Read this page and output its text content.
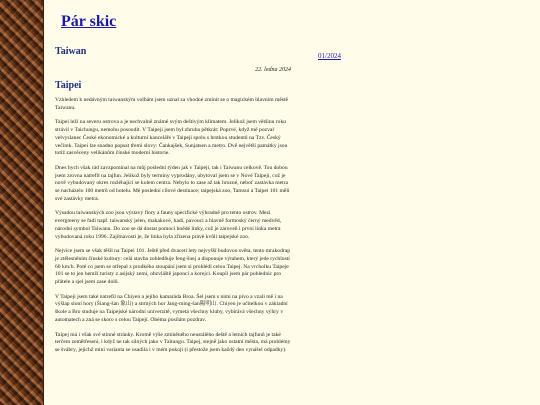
Pár skic
Taiwan	01/2024
22. ledna 2024
Taipei

Vzhledem k nedávným taiwanským volbám jsem uznal za vhodné zmínit se o magickém hlavním městě Taiwanu.

Taipei leží na severu ostrova a je nechvalně známé svým deštivým klimatem. Jelikož jsem většinu roku strávil v Taichungu, nemohu posoudit. V Taipeji jsem byl zhruba pětkrát: Poprvé, když mě pozval velvyslanec České ekonomické a kulturní kanceláře v Taipeji spolu s hrstkou studentů na Tzv. Český večírek. Taipei lze snadno popsat třemi slovy: Čankajšek, Sunjatsen a metro. Dvě největší památky jsou totiž zasvěceny velikánům čínské moderní historie.

Dnes bych však rád zavzpomínal na můj poslední týden jak v Taipeji, tak i Taiwanu celkově. Tou dobou jsem zrovna natrefil na tajfun. Jelikož byly termíny vyprodány, ubytoval jsem se v Nové Taipeji, což je nově vybudovaný okres rozléhající se kolem centra. Nebylo to zase až tak hrozné, neboť zastávka metra se nacházelo 100 metrů od hotelu. Mé poslední cílové destinace; taipejská zoo, Tamsui a Taipei 101 měli své zastávky metra.

Výsadou taiwanských zoo jsou výstavy flory a fauny specifické výhradně pro tento ostrov. Mezi evergreeny se řadí např. taiwanský jelen, makakové, hadi, pavouci a hlavně formoský černý medvěd, národní symbol Taiwanu. Do zoo se dá dostat pomocí hnědé linky, což je zároveň i první linka metra vybudovaná roku 1996. Zajímavostí je, že linka byla zřízena právě kvůli taipejské zoo.

Nejvíce jsem se však těšil na Taipei 101. Ještě před dvaceti lety nejvyšší budovou světa, tento mrakodrap je ztělesněním čínské kultury: celá stavba zohledňuje feng-šuej a disponuje výtahem, který jede rychlostí 60 km/h. Poté co jsem se otřepal z prudkého stoupání jsem si prohlédl celou Taipej. Na vrcholku Taipeje 101 se to jen hemží turisty z asijský zemí, obzvláště japonci a korejci. Koupil jsem pár pohlednic pro přátele a sjel jsem zase dolů.

V Taipeji jsem také natrefil na Chiyen a jejího kamaráda Broa. Šel jsem s nimi na pivo a vzali mě i na výšlap sloní hory (Šiang-šan 象山) a strmých hor Jang-ming-šan陽明山. Chiyen je učitelkou v základní škole a Bro studuje na Taipejské národní univerzitě, vymetá všechny kluby, vybírává všechny výhry v automatech a zná se skoro s celou Taipejí. Obéma posílám pozdrav.

Taipej má i však své stinné stránky. Kromě výše zmíněného neustálého deště a letních tajfunů je také terčem zemětřesení, i když ne tak silných jako v Taitungu. Taipej, stejně jako ostatní města, má problémy se švábry, jejichž mini varianta se usadila i v mém pokoji (i přestože jsem každý den vynášel odpadky).
